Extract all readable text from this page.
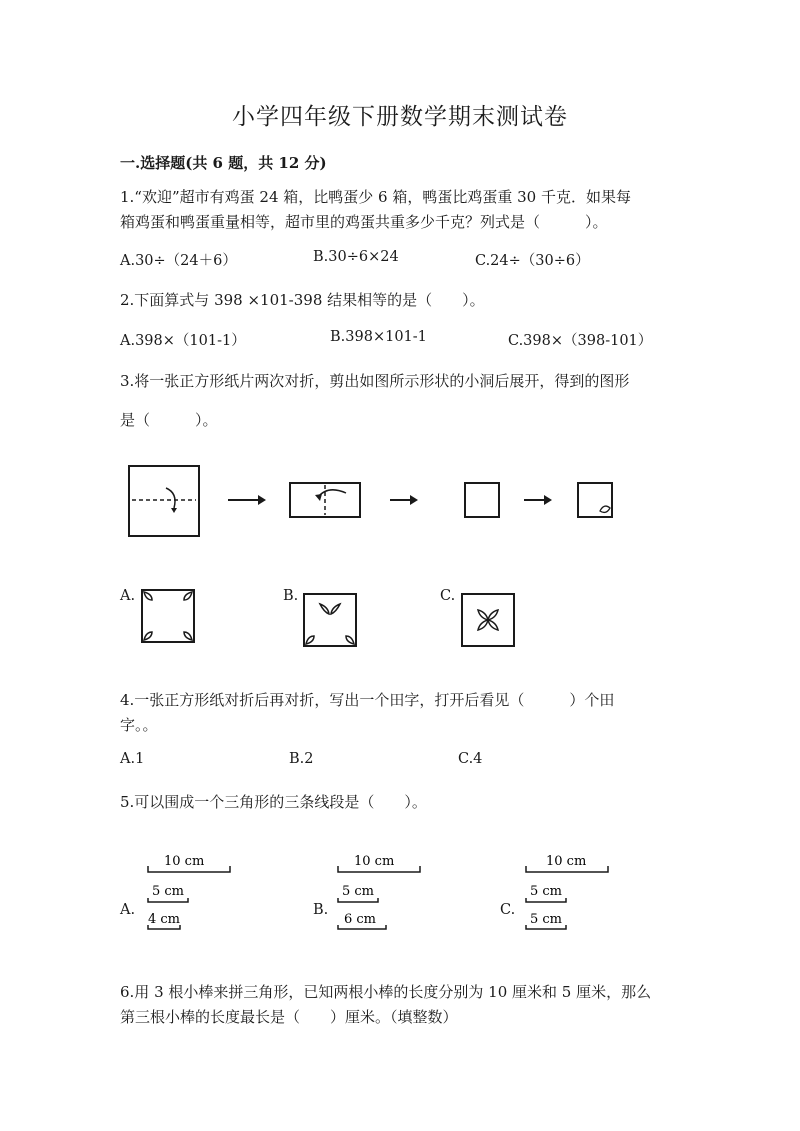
小学四年级下册数学期末测试卷
一.选择题(共 6 题，共 12 分)
1.“欢迎”超市有鸡蛋 24 箱，比鸭蛋少 6 箱，鸭蛋比鸡蛋重 30 千克．如果每
箱鸡蛋和鸭蛋重量相等，超市里的鸡蛋共重多少千克？列式是（　　　）。
A.30÷（24＋6）	B.30÷6×24	C.24÷（30÷6）
2.下面算式与 398 ×101-398 结果相等的是（　　）。
A.398×（101-1）	B.398×101-1	C.398×（398-101）
3.将一张正方形纸片两次对折，剪出如图所示形状的小洞后展开，得到的图形
是（　　　）。
A.	B.	C.
4.一张正方形纸对折后再对折，写出一个田字，打开后看见（　　　）个田
字。。
A.1	B.2	C.4
5.可以围成一个三角形的三条线段是（　　）。
A.
10 cm
5 cm
4 cm
B.
10 cm
5 cm
6 cm
C.
10 cm
5 cm
5 cm
6.用 3 根小棒来拼三角形，已知两根小棒的长度分别为 10 厘米和 5 厘米，那么
第三根小棒的长度最长是（　　）厘米。（填整数）
